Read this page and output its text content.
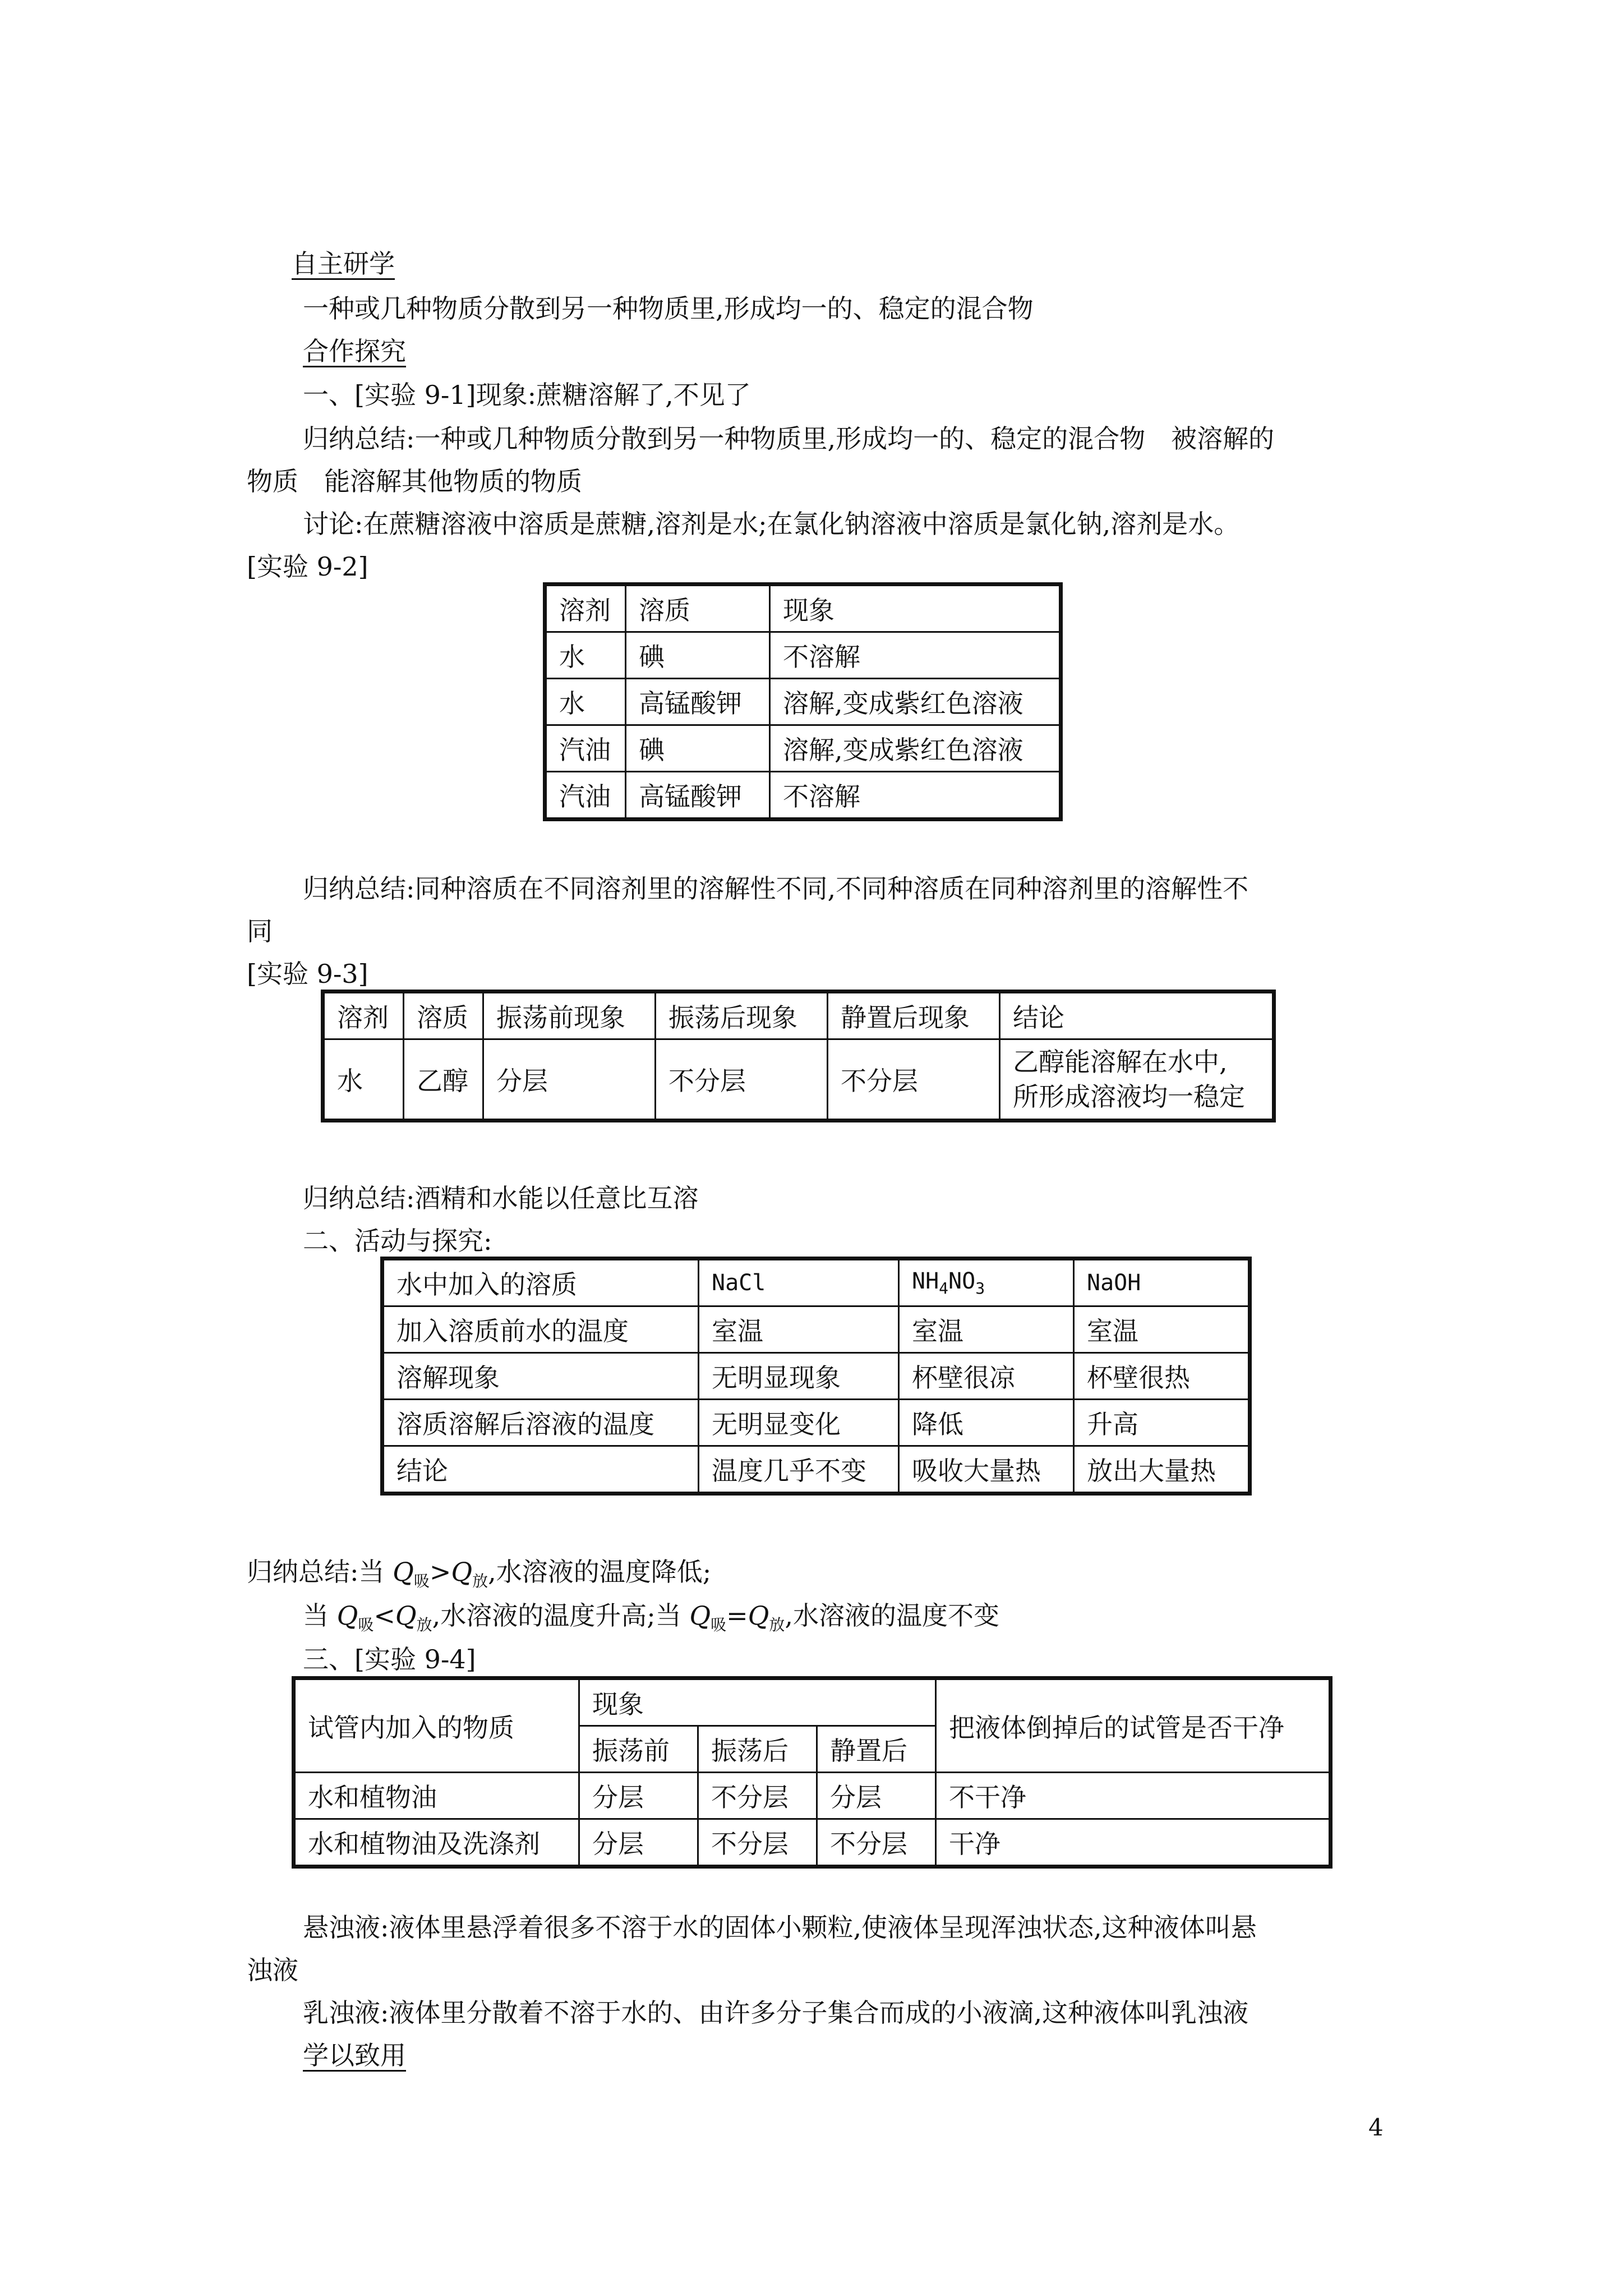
自主研学
一种或几种物质分散到另一种物质里,形成均一的、稳定的混合物
合作探究
一、[实验 9-1]现象:蔗糖溶解了,不见了
归纳总结:一种或几种物质分散到另一种物质里,形成均一的、稳定的混合物　被溶解的
物质　能溶解其他物质的物质
讨论:在蔗糖溶液中溶质是蔗糖,溶剂是水;在氯化钠溶液中溶质是氯化钠,溶剂是水。
[实验 9-2]
溶剂	溶质	现象
水	碘	不溶解
水	高锰酸钾	溶解,变成紫红色溶液
汽油	碘	溶解,变成紫红色溶液
汽油	高锰酸钾	不溶解
归纳总结:同种溶质在不同溶剂里的溶解性不同,不同种溶质在同种溶剂里的溶解性不
同
[实验 9-3]
溶剂	溶质	振荡前现象	振荡后现象	静置后现象	结论
水	乙醇	分层	不分层	不分层	乙醇能溶解在水中,
所形成溶液均一稳定
归纳总结:酒精和水能以任意比互溶
二、活动与探究:
水中加入的溶质	NaCl	$NH_4NO_3$	NaOH
加入溶质前水的温度	室温	室温	室温
溶解现象	无明显现象	杯壁很凉	杯壁很热
溶质溶解后溶液的温度	无明显变化	降低	升高
结论	温度几乎不变	吸收大量热	放出大量热
归纳总结:当 $Q_吸>Q_放$,水溶液的温度降低;
当 $Q_吸<Q_放$,水溶液的温度升高;当 $Q_吸=Q_放$,水溶液的温度不变
三、[实验 9-4]
试管内加入的物质	现象			把液体倒掉后的试管是否干净
	振荡前	振荡后	静置后	
水和植物油	分层	不分层	分层	不干净
水和植物油及洗涤剂	分层	不分层	不分层	干净
悬浊液:液体里悬浮着很多不溶于水的固体小颗粒,使液体呈现浑浊状态,这种液体叫悬
浊液
乳浊液:液体里分散着不溶于水的、由许多分子集合而成的小液滴,这种液体叫乳浊液
学以致用
4
